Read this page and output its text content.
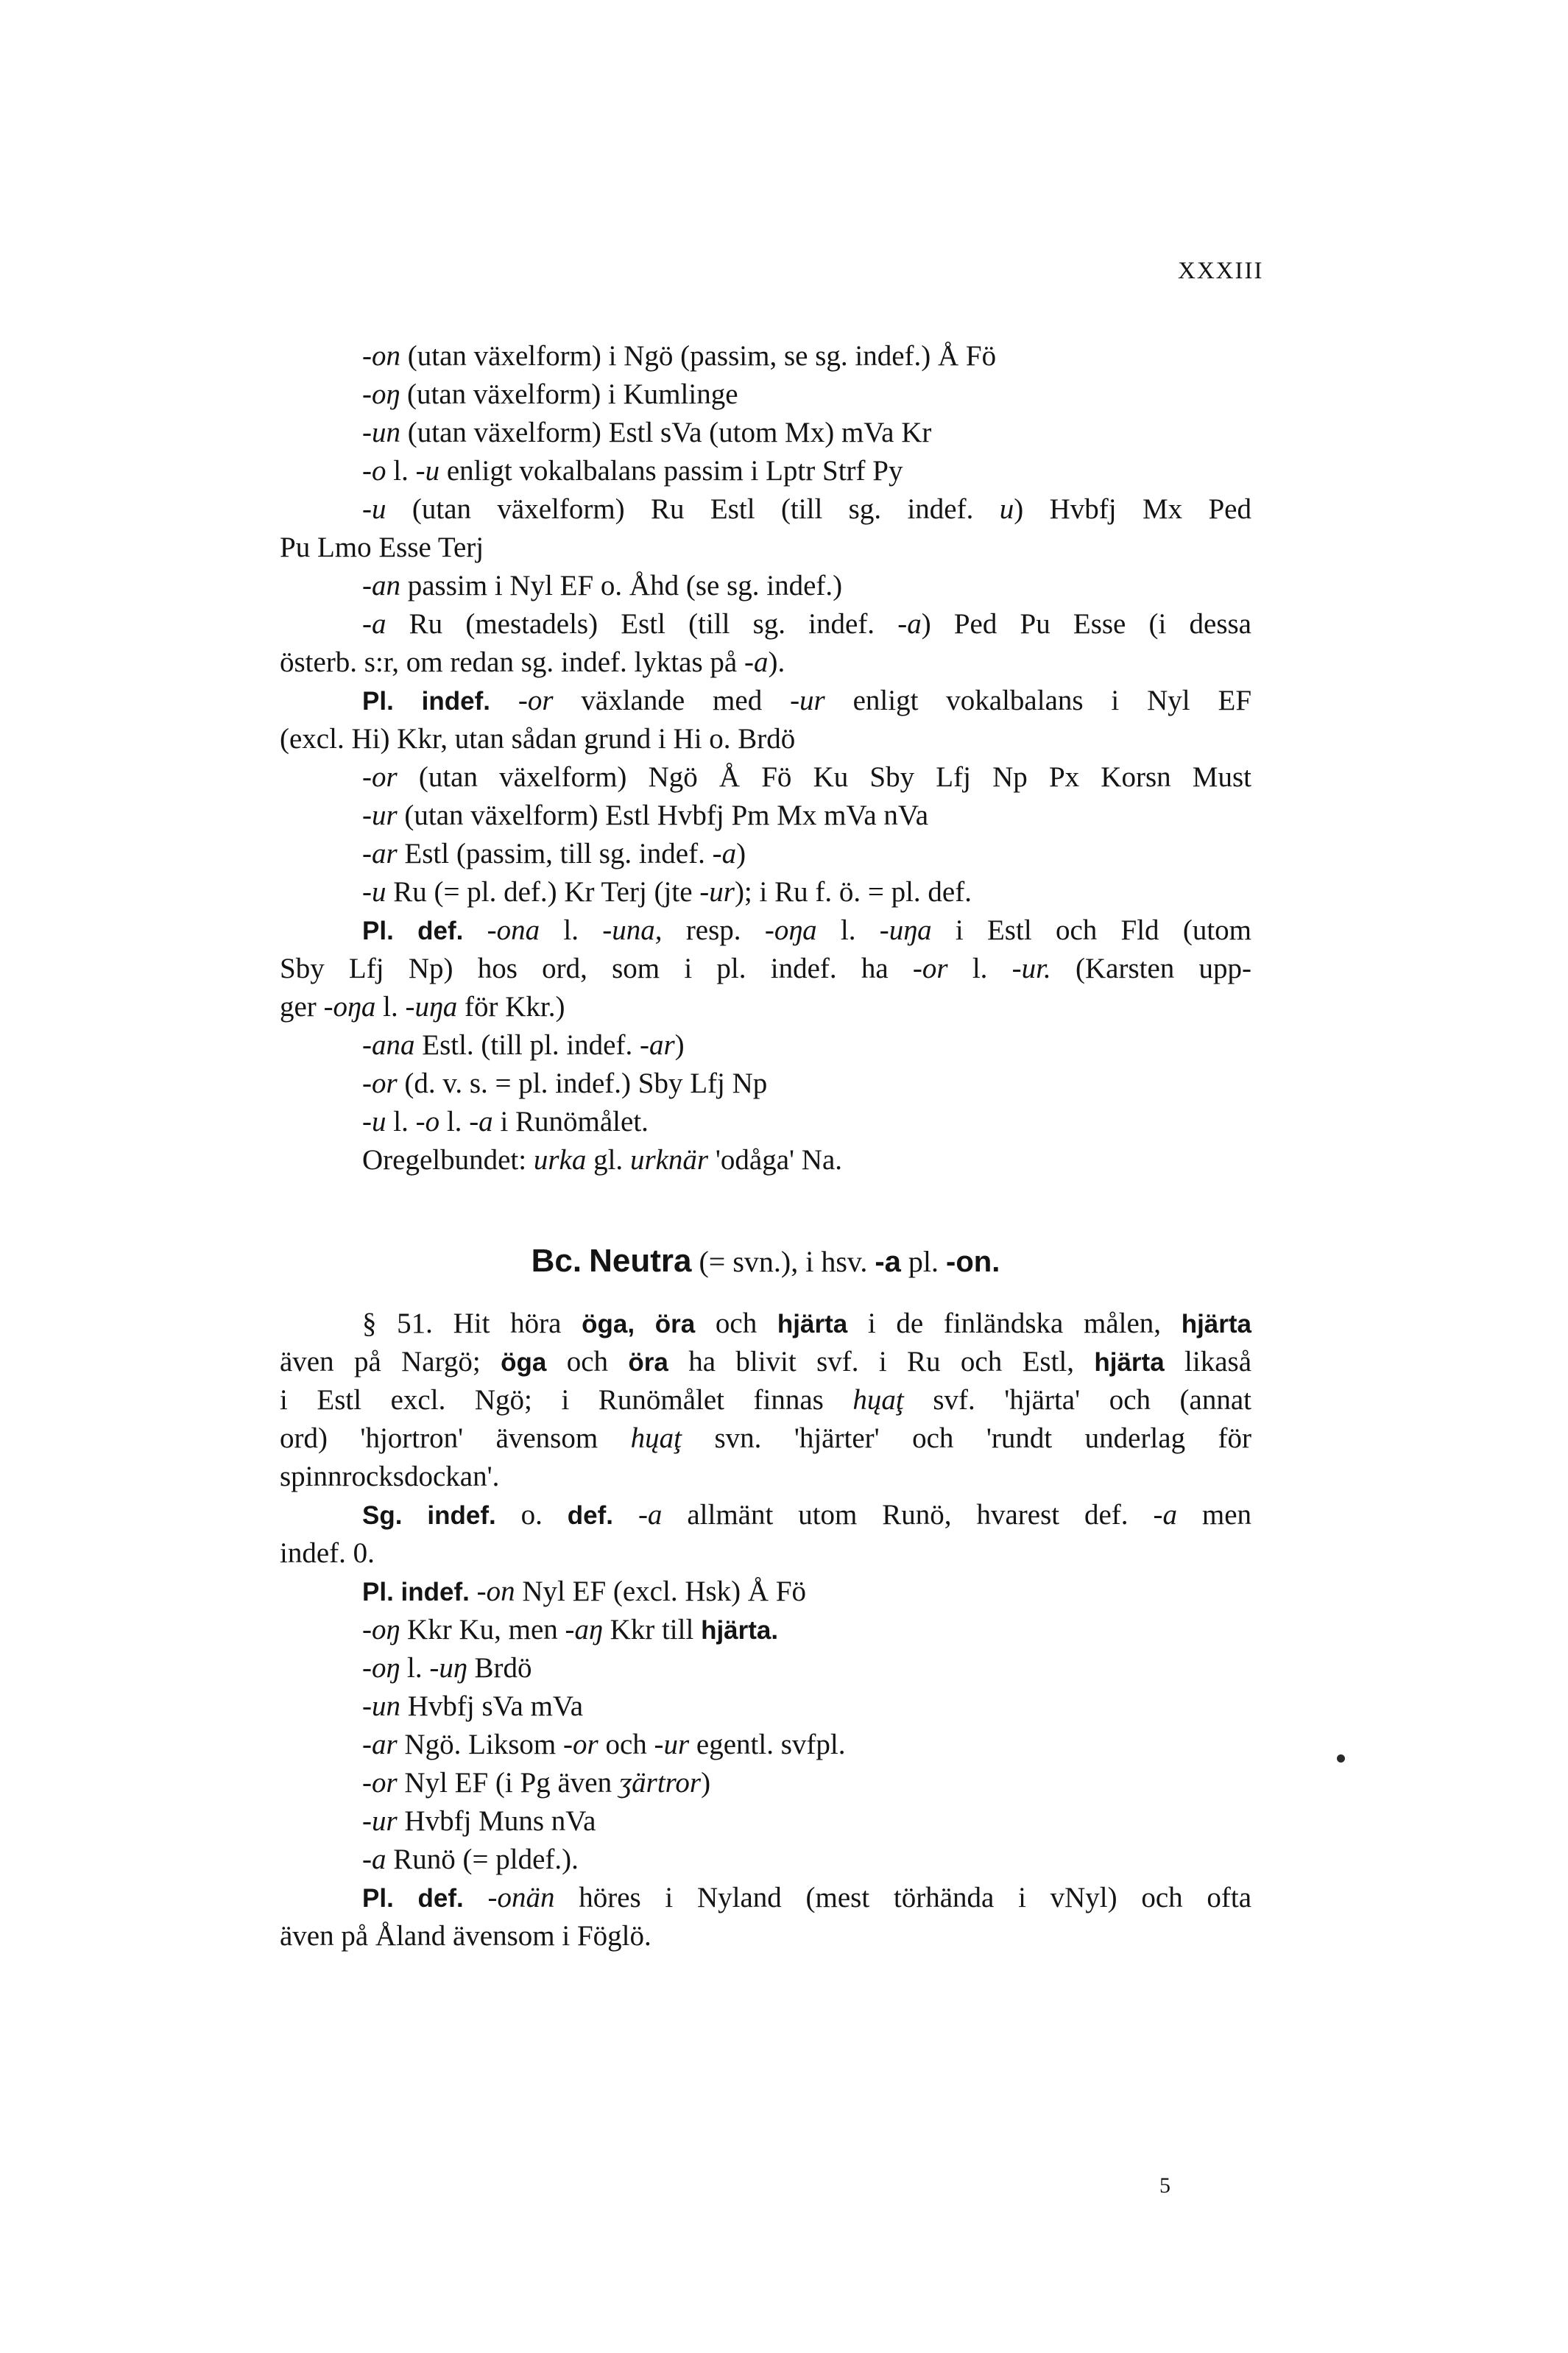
XXXIII
-on (utan växelform) i Ngö (passim, se sg. indef.) Å Fö
-oŋ (utan växelform) i Kumlinge
-un (utan växelform) Estl sVa (utom Mx) mVa Kr
-o l. -u enligt vokalbalans passim i Lptr Strf Py
-u (utan växelform) Ru Estl (till sg. indef. u) Hvbfj Mx Ped
Pu Lmo Esse Terj
-an passim i Nyl EF o. Åhd (se sg. indef.)
-a Ru (mestadels) Estl (till sg. indef. -a) Ped Pu Esse (i dessa
österb. s:r, om redan sg. indef. lyktas på -a).
Pl. indef. -or växlande med -ur enligt vokalbalans i Nyl EF
(excl. Hi) Kkr, utan sådan grund i Hi o. Brdö
-or (utan växelform) Ngö Å Fö Ku Sby Lfj Np Px Korsn Must
-ur (utan växelform) Estl Hvbfj Pm Mx mVa nVa
-ar Estl (passim, till sg. indef. -a)
-u Ru (= pl. def.) Kr Terj (jte -ur); i Ru f. ö. = pl. def.
Pl. def. -ona l. -una, resp. -oŋa l. -uŋa i Estl och Fld (utom
Sby Lfj Np) hos ord, som i pl. indef. ha -or l. -ur. (Karsten upp-
ger -oŋa l. -uŋa för Kkr.)
-ana Estl. (till pl. indef. -ar)
-or (d. v. s. = pl. indef.) Sby Lfj Np
-u l. -o l. -a i Runömålet.
Oregelbundet: urka gl. urknär 'odåga' Na.
§ 51. Hit höra öga, öra och hjärta i de finländska målen, hjärta
även på Nargö; öga och öra ha blivit svf. i Ru och Estl, hjärta likaså
i Estl excl. Ngö; i Runömålet finnas hųaţ svf. 'hjärta' och (annat
ord) 'hjortron' ävensom hųaţ svn. 'hjärter' och 'rundt underlag för
spinnrocksdockan'.
Sg. indef. o. def. -a allmänt utom Runö, hvarest def. -a men
indef. 0.
Pl. indef. -on Nyl EF (excl. Hsk) Å Fö
-oŋ Kkr Ku, men -aŋ Kkr till hjärta.
-oŋ l. -uŋ Brdö
-un Hvbfj sVa mVa
-ar Ngö. Liksom -or och -ur egentl. svfpl.
-or Nyl EF (i Pg även ʒärtror)
-ur Hvbfj Muns nVa
-a Runö (= pldef.).
Pl. def. -onän höres i Nyland (mest törhända i vNyl) och ofta
även på Åland ävensom i Föglö.
Bc. Neutra (= svn.), i hsv. -a pl. -on.
5
